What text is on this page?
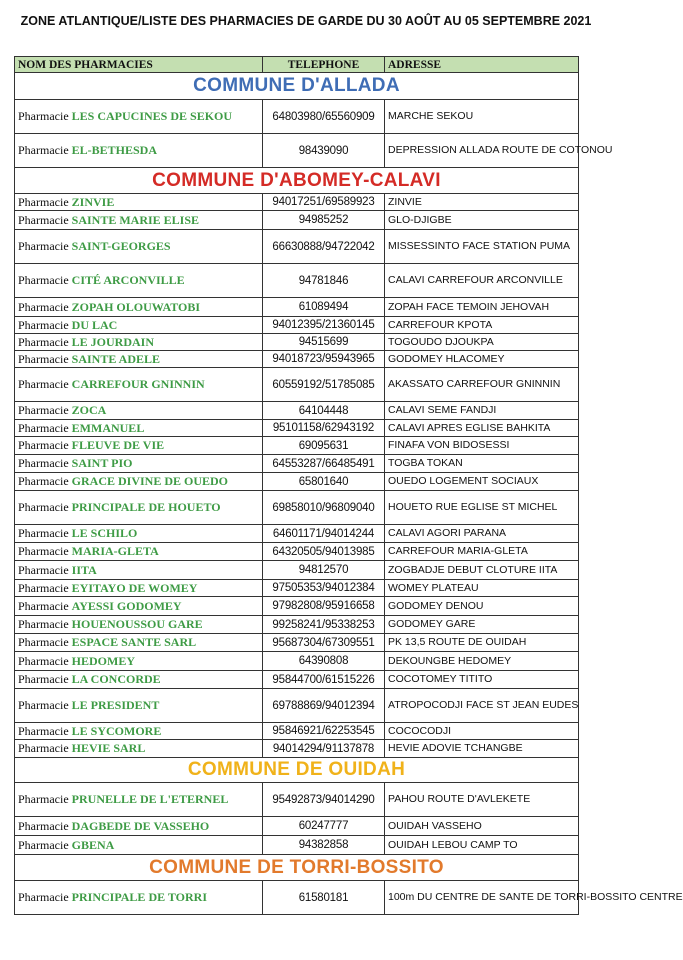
ZONE ATLANTIQUE/LISTE DES PHARMACIES DE GARDE DU 30 AOÛT AU 05 SEPTEMBRE 2021
NOM DES PHARMACIES	TELEPHONE	ADRESSE
COMMUNE D'ALLADA		
Pharmacie LES CAPUCINES DE SEKOU	64803980/65560909	MARCHE SEKOU
Pharmacie EL-BETHESDA	98439090	DEPRESSION ALLADA ROUTE DE COTONOU
COMMUNE D'ABOMEY-CALAVI		
Pharmacie ZINVIE	94017251/69589923	ZINVIE
Pharmacie SAINTE MARIE ELISE	94985252	GLO-DJIGBE
Pharmacie SAINT-GEORGES	66630888/94722042	MISSESSINTO FACE STATION PUMA
Pharmacie CITÉ ARCONVILLE	94781846	CALAVI CARREFOUR ARCONVILLE
Pharmacie ZOPAH OLOUWATOBI	61089494	ZOPAH FACE TEMOIN JEHOVAH
Pharmacie DU LAC	94012395/21360145	CARREFOUR KPOTA
Pharmacie LE JOURDAIN	94515699	TOGOUDO DJOUKPA
Pharmacie SAINTE ADELE	94018723/95943965	GODOMEY HLACOMEY
Pharmacie CARREFOUR GNINNIN	60559192/51785085	AKASSATO CARREFOUR GNINNIN
Pharmacie ZOCA	64104448	CALAVI SEME FANDJI
Pharmacie EMMANUEL	95101158/62943192	CALAVI APRES EGLISE BAHKITA
Pharmacie FLEUVE DE VIE	69095631	FINAFA VON BIDOSESSI
Pharmacie SAINT PIO	64553287/66485491	TOGBA TOKAN
Pharmacie GRACE DIVINE DE OUEDO	65801640	OUEDO LOGEMENT SOCIAUX
Pharmacie PRINCIPALE DE HOUETO	69858010/96809040	HOUETO RUE EGLISE ST MICHEL
Pharmacie LE SCHILO	64601171/94014244	CALAVI AGORI PARANA
Pharmacie MARIA-GLETA	64320505/94013985	CARREFOUR MARIA-GLETA
Pharmacie IITA	94812570	ZOGBADJE DEBUT CLOTURE IITA
Pharmacie EYITAYO DE WOMEY	97505353/94012384	WOMEY PLATEAU
Pharmacie AYESSI GODOMEY	97982808/95916658	GODOMEY DENOU
Pharmacie HOUENOUSSOU GARE	99258241/95338253	GODOMEY GARE
Pharmacie ESPACE SANTE SARL	95687304/67309551	PK 13,5 ROUTE DE OUIDAH
Pharmacie HEDOMEY	64390808	DEKOUNGBE HEDOMEY
Pharmacie LA CONCORDE	95844700/61515226	COCOTOMEY TITITO
Pharmacie LE PRESIDENT	69788869/94012394	ATROPOCODJI FACE ST JEAN EUDES
Pharmacie LE SYCOMORE	95846921/62253545	COCOCODJI
Pharmacie HEVIE SARL	94014294/91137878	HEVIE ADOVIE TCHANGBE
COMMUNE DE OUIDAH		
Pharmacie PRUNELLE DE L'ETERNEL	95492873/94014290	PAHOU ROUTE D'AVLEKETE
Pharmacie DAGBEDE DE VASSEHO	60247777	OUIDAH VASSEHO
Pharmacie GBENA	94382858	OUIDAH LEBOU CAMP TO
COMMUNE DE TORRI-BOSSITO		
Pharmacie PRINCIPALE DE TORRI	61580181	100m DU CENTRE DE SANTE DE TORRI-BOSSITO CENTRE
